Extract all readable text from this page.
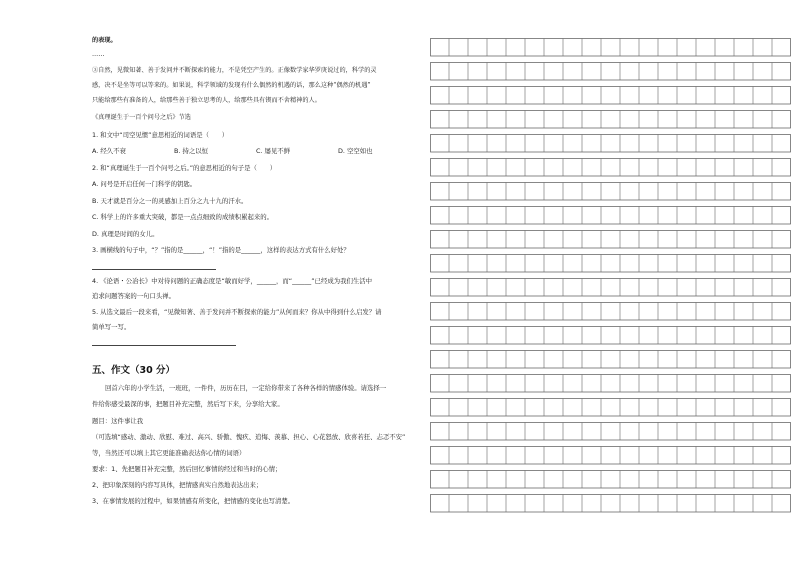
的表现。
……
③自然，见微知著、善于发问并不断探索的能力，不是凭空产生的。正像数学家华罗庚说过的，科学的灵
感，决不是坐等可以等来的。如果说，科学领域的发现有什么偶然的机遇的话，那么这种“偶然的机遇”
只能给那些有准备的人，给那些善于独立思考的人，给那些具有锲而不舍精神的人。
《真理诞生于一百个问号之后》节选
1. 和文中“司空见惯”意思相近的词语是（　　）
A. 经久不衰	B. 持之以恒	C. 屡见不鲜	D. 空空如也
2. 和“真理诞生于一百个问号之后。”的意思相近的句子是（　　）
A. 问号是开启任何一门科学的钥匙。
B. 天才就是百分之一的灵感加上百分之九十九的汗水。
C. 科学上的许多重大突破，都是一点点细致的成绩积累起来的。
D. 真理是时间的女儿。
3. 画横线的句子中，“？”指的是______，“！”指的是______，这样的表达方式有什么好处？
4. 《论语・公冶长》中对待问题的正确态度是“敏而好学，______，而“______”已经成为我们生活中
追求问题答案的一句口头禅。
5. 从选文最后一段来看，“见微知著、善于发问并不断探索的能力”从何而来？你从中得到什么启发？请
简单写一写。
五、作文（30 分）
回首六年的小学生活，一班班，一件件，历历在目，一定给你带来了各种各样的情感体验。请选择一
件给你感受最深的事，把题目补充完整，然后写下来，分享给大家。
题目：这件事让我
（可选填“感动、激动、欣慰、难过、高兴、骄傲、愧疚、追悔、羡慕、担心、心花怒放、欣喜若狂、忐忑不安”
等，当然还可以填上其它更能准确表达你心情的词语）
要求：1、先把题目补充完整，然后回忆事情的经过和当时的心情；
2、把印象深刻的内容写具体，把情感真实自然地表达出来；
3、在事情发展的过程中，如果情感有所变化，把情感的变化也写清楚。
